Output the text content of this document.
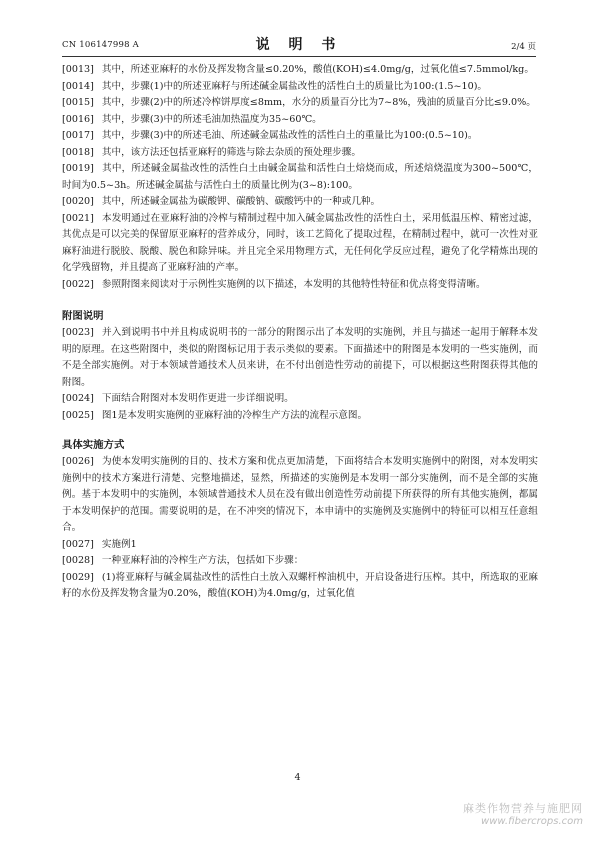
CN 106147998 A	说 明 书	2/4 页

[0013] 其中，所述亚麻籽的水份及挥发物含量≤0.20%，酸值(KOH)≤4.0mg/g，过氧化值≤7.5mmol/kg。

[0014] 其中，步骤(1)中的所述亚麻籽与所述碱金属盐改性的活性白土的质量比为100:(1.5~10)。

[0015] 其中，步骤(2)中的所述冷榨饼厚度≤8mm，水分的质量百分比为7~8%，残油的质量百分比≤9.0%。

[0016] 其中，步骤(3)中的所述毛油加热温度为35~60℃。

[0017] 其中，步骤(3)中的所述毛油、所述碱金属盐改性的活性白土的重量比为100:(0.5~10)。

[0018] 其中，该方法还包括亚麻籽的筛选与除去杂质的预处理步骤。

[0019] 其中，所述碱金属盐改性的活性白土由碱金属盐和活性白土焙烧而成，所述焙烧温度为300~500℃，时间为0.5~3h。所述碱金属盐与活性白土的质量比例为(3~8):100。

[0020] 其中，所述碱金属盐为碳酸钾、碳酸钠、碳酸钙中的一种或几种。

[0021] 本发明通过在亚麻籽油的冷榨与精制过程中加入碱金属盐改性的活性白土，采用低温压榨、精密过滤，其优点是可以完美的保留原亚麻籽的营养成分，同时，该工艺简化了提取过程，在精制过程中，就可一次性对亚麻籽油进行脱胶、脱酸、脱色和除异味。并且完全采用物理方式，无任何化学反应过程，避免了化学精炼出现的化学残留物，并且提高了亚麻籽油的产率。

[0022] 参照附图来阅读对于示例性实施例的以下描述，本发明的其他特性特征和优点将变得清晰。

附图说明

[0023] 并入到说明书中并且构成说明书的一部分的附图示出了本发明的实施例，并且与描述一起用于解释本发明的原理。在这些附图中，类似的附图标记用于表示类似的要素。下面描述中的附图是本发明的一些实施例，而不是全部实施例。对于本领域普通技术人员来讲，在不付出创造性劳动的前提下，可以根据这些附图获得其他的附图。

[0024] 下面结合附图对本发明作更进一步详细说明。

[0025] 图1是本发明实施例的亚麻籽油的冷榨生产方法的流程示意图。

具体实施方式

[0026] 为使本发明实施例的目的、技术方案和优点更加清楚，下面将结合本发明实施例中的附图，对本发明实施例中的技术方案进行清楚、完整地描述，显然，所描述的实施例是本发明一部分实施例，而不是全部的实施例。基于本发明中的实施例，本领域普通技术人员在没有做出创造性劳动前提下所获得的所有其他实施例，都属于本发明保护的范围。需要说明的是，在不冲突的情况下，本申请中的实施例及实施例中的特征可以相互任意组合。

[0027] 实施例1

[0028] 一种亚麻籽油的冷榨生产方法，包括如下步骤：

[0029] (1)将亚麻籽与碱金属盐改性的活性白土放入双螺杆榨油机中，开启设备进行压榨。其中，所选取的亚麻籽的水份及挥发物含量为0.20%，酸值(KOH)为4.0mg/g，过氧化值

4
麻类作物营养与施肥网
www.fibercrops.com
